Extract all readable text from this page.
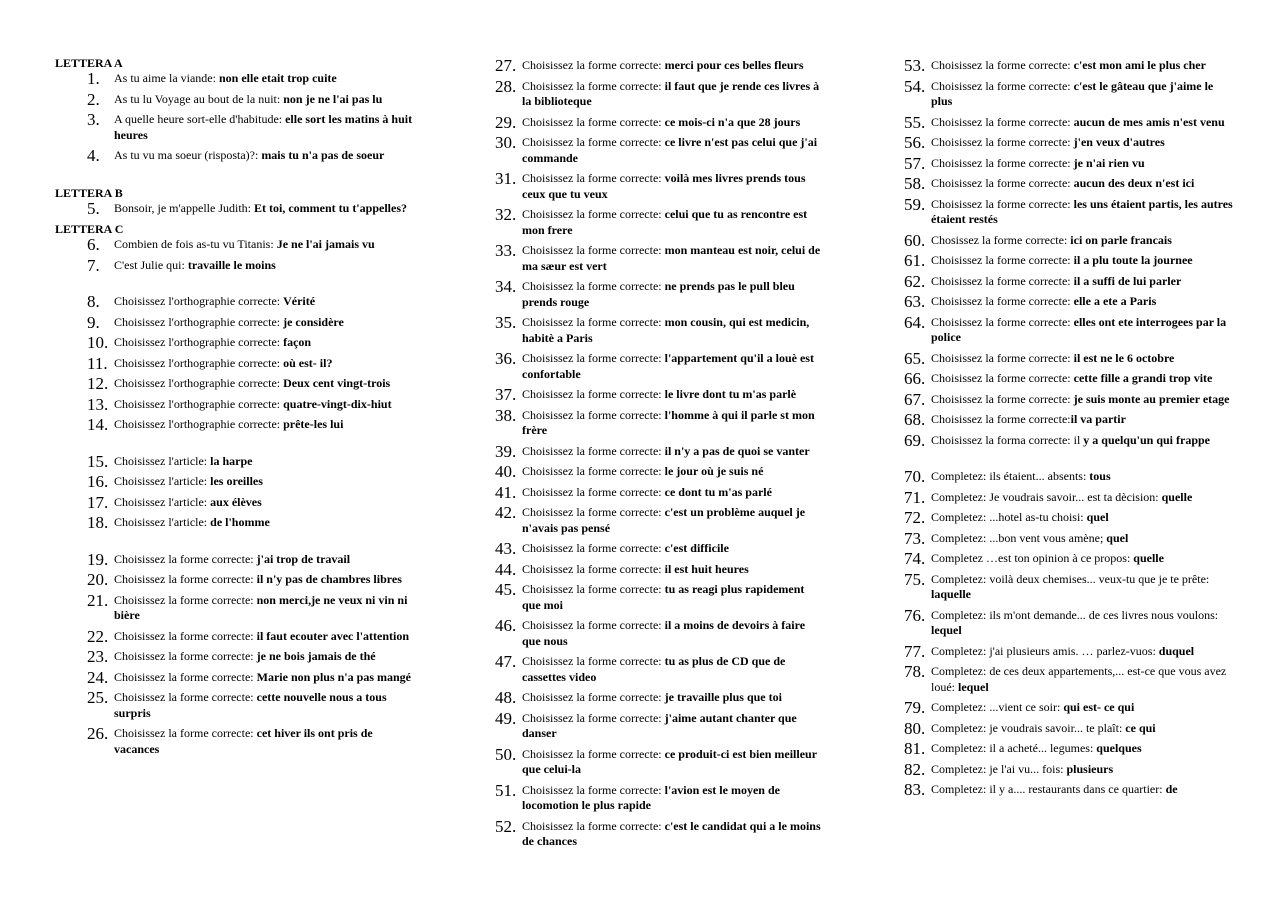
LETTERA A
1.	As tu aime la viande: non elle etait trop cuite
2.	As tu lu Voyage au bout de la nuit: non je ne l'ai pas lu
3.	A quelle heure sort-elle d'habitude: elle sort les matins à huit heures
4.	As tu vu ma soeur (risposta)?: mais tu n'a pas de soeur
LETTERA B
5.	Bonsoir, je m'appelle Judith: Et toi, comment tu t'appelles?
LETTERA C
6.	Combien de fois as-tu vu Titanis: Je ne l'ai jamais vu
7.	C'est Julie qui: travaille le moins
8.	Choisissez l'orthographie correcte: Vérité
9.	Choisissez l'orthographie correcte: je considère
10. Choisissez l'orthographie correcte: façon
11. Choisissez l'orthographie correcte: où est- il?
12. Choisissez l'orthographie correcte: Deux cent vingt-trois
13. Choisissez l'orthographie correcte: quatre-vingt-dix-hiut
14. Choisissez l'orthographie correcte: prête-les lui
15. Choisissez l'article: la harpe
16. Choisissez l'article: les oreilles
17. Choisissez l'article: aux élèves
18. Choisissez l'article: de l'homme
19. Choisissez la forme correcte: j'ai trop de travail
20. Choisissez la forme correcte: il n'y pas de chambres libres
21. Choisissez la forme correcte: non merci,je ne veux ni vin ni bière
22. Choisissez la forme correcte: il faut ecouter avec l'attention
23. Choisissez la forme correcte: je ne bois jamais de thé
24. Choisissez la forme correcte: Marie non plus n'a pas mangé
25. Choisissez la forme correcte: cette nouvelle nous a tous surpris
26. Choisissez la forme correcte: cet hiver ils ont pris de vacances
27. Choisissez la forme correcte: merci pour ces belles fleurs
28. Choisissez la forme correcte: il faut que je rende ces livres à la biblioteque
29. Choisissez la forme correcte: ce mois-ci n'a que 28 jours
30. Choisissez la forme correcte: ce livre n'est pas celui que j'ai commande
31. Choisissez la forme correcte: voilà mes livres prends tous ceux que tu veux
32. Choisissez la forme correcte: celui que tu as rencontre est mon frere
33. Choisissez la forme correcte: mon manteau est noir, celui de ma sæur est vert
34. Choisissez la forme correcte: ne prends pas le pull bleu prends rouge
35. Choisissez la forme correcte: mon cousin, qui est medicin, habitè a Paris
36. Choisissez la forme correcte: l'appartement qu'il a louè est confortable
37. Choisissez la forme correcte: le livre dont tu m'as parlè
38. Choisissez la forme correcte: l'homme à qui il parle st mon frère
39. Choisissez la forme correcte: il n'y a pas de quoi se vanter
40. Choisissez la forme correcte: le jour où je suis né
41. Choisissez la forme correcte: ce dont tu m'as parlé
42. Choisissez la forme correcte: c'est un problème auquel je n'avais pas pensé
43. Choisissez la forme correcte: c'est difficile
44. Choisissez la forme correcte: il est huit heures
45. Choisissez la forme correcte: tu as reagi plus rapidement que moi
46. Choisissez la forme correcte: il a moins de devoirs à faire que nous
47. Choisissez la forme correcte: tu as plus de CD que de cassettes video
48. Choisissez la forme correcte: je travaille plus que toi
49. Choisissez la forme correcte: j'aime autant chanter que danser
50. Choisissez la forme correcte: ce produit-ci est bien meilleur que celui-la
51. Choisissez la forme correcte: l'avion est le moyen de locomotion le plus rapide
52. Choisissez la forme correcte: c'est le candidat qui a le moins de chances
53. Choisissez la forme correcte: c'est mon ami le plus cher
54. Choisissez la forme correcte: c'est le gâteau que j'aime le plus
55. Choisissez la forme correcte: aucun de mes amis n'est venu
56. Choisissez la forme correcte: j'en veux d'autres
57. Choisissez la forme correcte: je n'ai rien vu
58. Choisissez la forme correcte: aucun des deux n'est ici
59. Choisissez la forme correcte: les uns étaient partis, les autres étaient restés
60. Chosissez la forme correcte: ici on parle francais
61. Choisissez la forme correcte: il a plu toute la journee
62. Choisissez la forme correcte: il a suffi de lui parler
63. Choisissez la forme correcte: elle a ete a Paris
64. Choisissez la forme correcte: elles ont ete interrogees par la police
65. Choisissez la forme correcte: il est ne le 6 octobre
66. Choisissez la forme correcte: cette fille a grandi trop vite
67. Choisissez la forme correcte: je suis monte au premier etage
68. Choisissez la forme correcte:il va partir
69. Choisissez la forma correcte: il y a quelqu'un qui frappe
70. Completez: ils étaient... absents: tous
71. Completez: Je voudrais savoir... est ta dècision: quelle
72. Completez: ...hotel as-tu choisi: quel
73. Completez: ...bon vent vous amène; quel
74. Completez …est ton opinion à ce propos: quelle
75. Completez: voilà deux chemises... veux-tu que je te prête: laquelle
76. Completez: ils m'ont demande... de ces livres nous voulons: lequel
77. Completez: j'ai plusieurs amis. … parlez-vuos: duquel
78. Completez: de ces deux appartements,... est-ce que vous avez loué: lequel
79. Completez: ...vient ce soir: qui est- ce qui
80. Completez: je voudrais savoir... te plaît: ce qui
81. Completez: il a acheté... legumes: quelques
82. Completez: je l'ai vu... fois: plusieurs
83. Completez: il y a.... restaurants dans ce quartier: de
